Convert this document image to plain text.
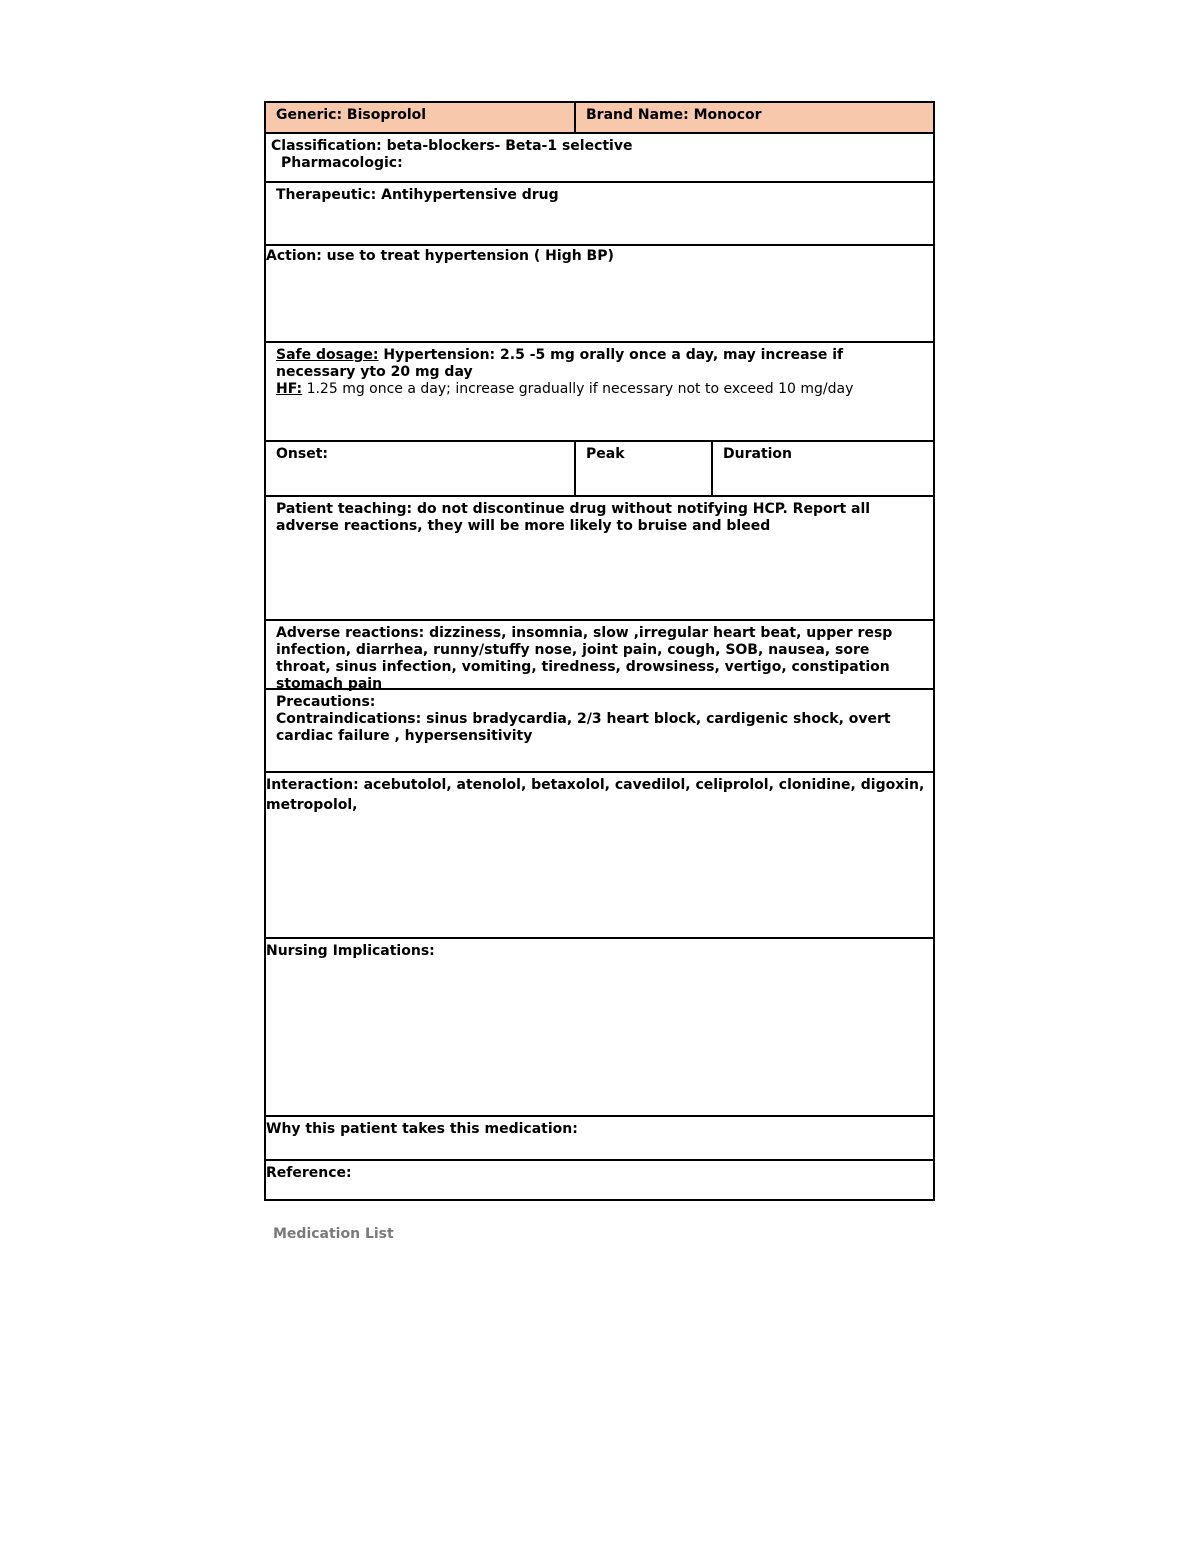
Generic: Bisoprolol	Brand Name: Monocor
Classification: beta-blockers- Beta-1 selective
Pharmacologic:
Therapeutic: Antihypertensive drug
Action: use to treat hypertension ( High BP)
Safe dosage: Hypertension: 2.5 -5 mg orally once a day, may increase if necessary yto 20 mg day
HF: 1.25 mg once a day; increase gradually if necessary not to exceed 10 mg/day
Onset:	Peak	Duration
Patient teaching: do not discontinue drug without notifying HCP. Report all adverse reactions, they will be more likely to bruise and bleed
Adverse reactions: dizziness, insomnia, slow ,irregular heart beat, upper resp infection, diarrhea, runny/stuffy nose, joint pain, cough, SOB, nausea, sore throat, sinus infection, vomiting, tiredness, drowsiness, vertigo, constipation stomach pain
Precautions:
Contraindications: sinus bradycardia, 2/3 heart block, cardigenic shock, overt cardiac failure , hypersensitivity
Interaction: acebutolol, atenolol, betaxolol, cavedilol, celiprolol, clonidine, digoxin, metropolol,
Nursing Implications:
Why this patient takes this medication:
Reference:
Medication List
